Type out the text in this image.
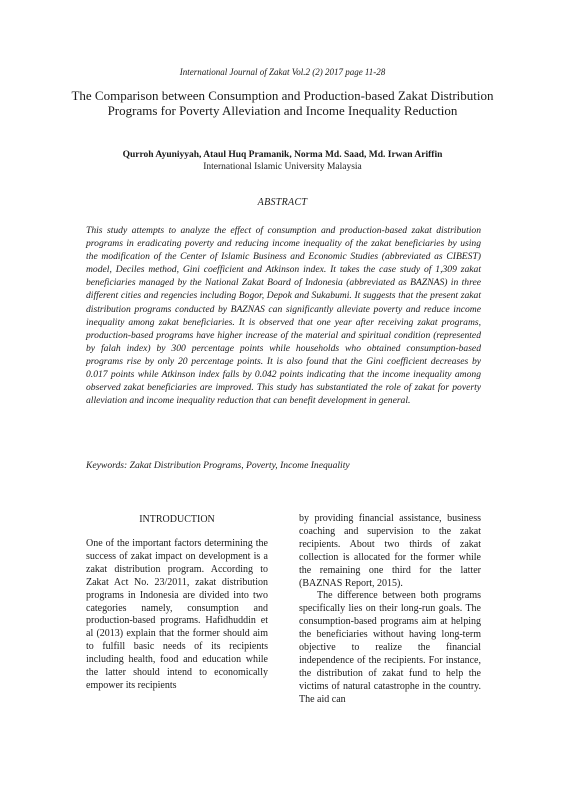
International Journal of Zakat Vol.2 (2) 2017 page 11-28
The Comparison between Consumption and Production-based Zakat Distribution Programs for Poverty Alleviation and Income Inequality Reduction
Qurroh Ayuniyyah, Ataul Huq Pramanik, Norma Md. Saad, Md. Irwan Ariffin
International Islamic University Malaysia
ABSTRACT

This study attempts to analyze the effect of consumption and production-based zakat distribution programs in eradicating poverty and reducing income inequality of the zakat beneficiaries by using the modification of the Center of Islamic Business and Economic Studies (abbreviated as CIBEST) model, Deciles method, Gini coefficient and Atkinson index. It takes the case study of 1,309 zakat beneficiaries managed by the National Zakat Board of Indonesia (abbreviated as BAZNAS) in three different cities and regencies including Bogor, Depok and Sukabumi. It suggests that the present zakat distribution programs conducted by BAZNAS can significantly alleviate poverty and reduce income inequality among zakat beneficiaries. It is observed that one year after receiving zakat programs, production-based programs have higher increase of the material and spiritual condition (represented by falah index) by 300 percentage points while households who obtained consumption-based programs rise by only 20 percentage points. It is also found that the Gini coefficient decreases by 0.017 points while Atkinson index falls by 0.042 points indicating that the income inequality among observed zakat beneficiaries are improved. This study has substantiated the role of zakat for poverty alleviation and income inequality reduction that can benefit development in general.

Keywords: Zakat Distribution Programs, Poverty, Income Inequality
INTRODUCTION

One of the important factors determining the success of zakat impact on development is a zakat distribution program. According to Zakat Act No. 23/2011, zakat distribution programs in Indonesia are divided into two categories namely, consumption and production-based programs. Hafidhuddin et al (2013) explain that the former should aim to fulfill basic needs of its recipients including health, food and education while the latter should intend to economically empower its recipients

by providing financial assistance, business coaching and supervision to the zakat recipients. About two thirds of zakat collection is allocated for the former while the remaining one third for the latter (BAZNAS Report, 2015).

The difference between both programs specifically lies on their long-run goals. The consumption-based programs aim at helping the beneficiaries without having long-term objective to realize the financial independence of the recipients. For instance, the distribution of zakat fund to help the victims of natural catastrophe in the country. The aid can
